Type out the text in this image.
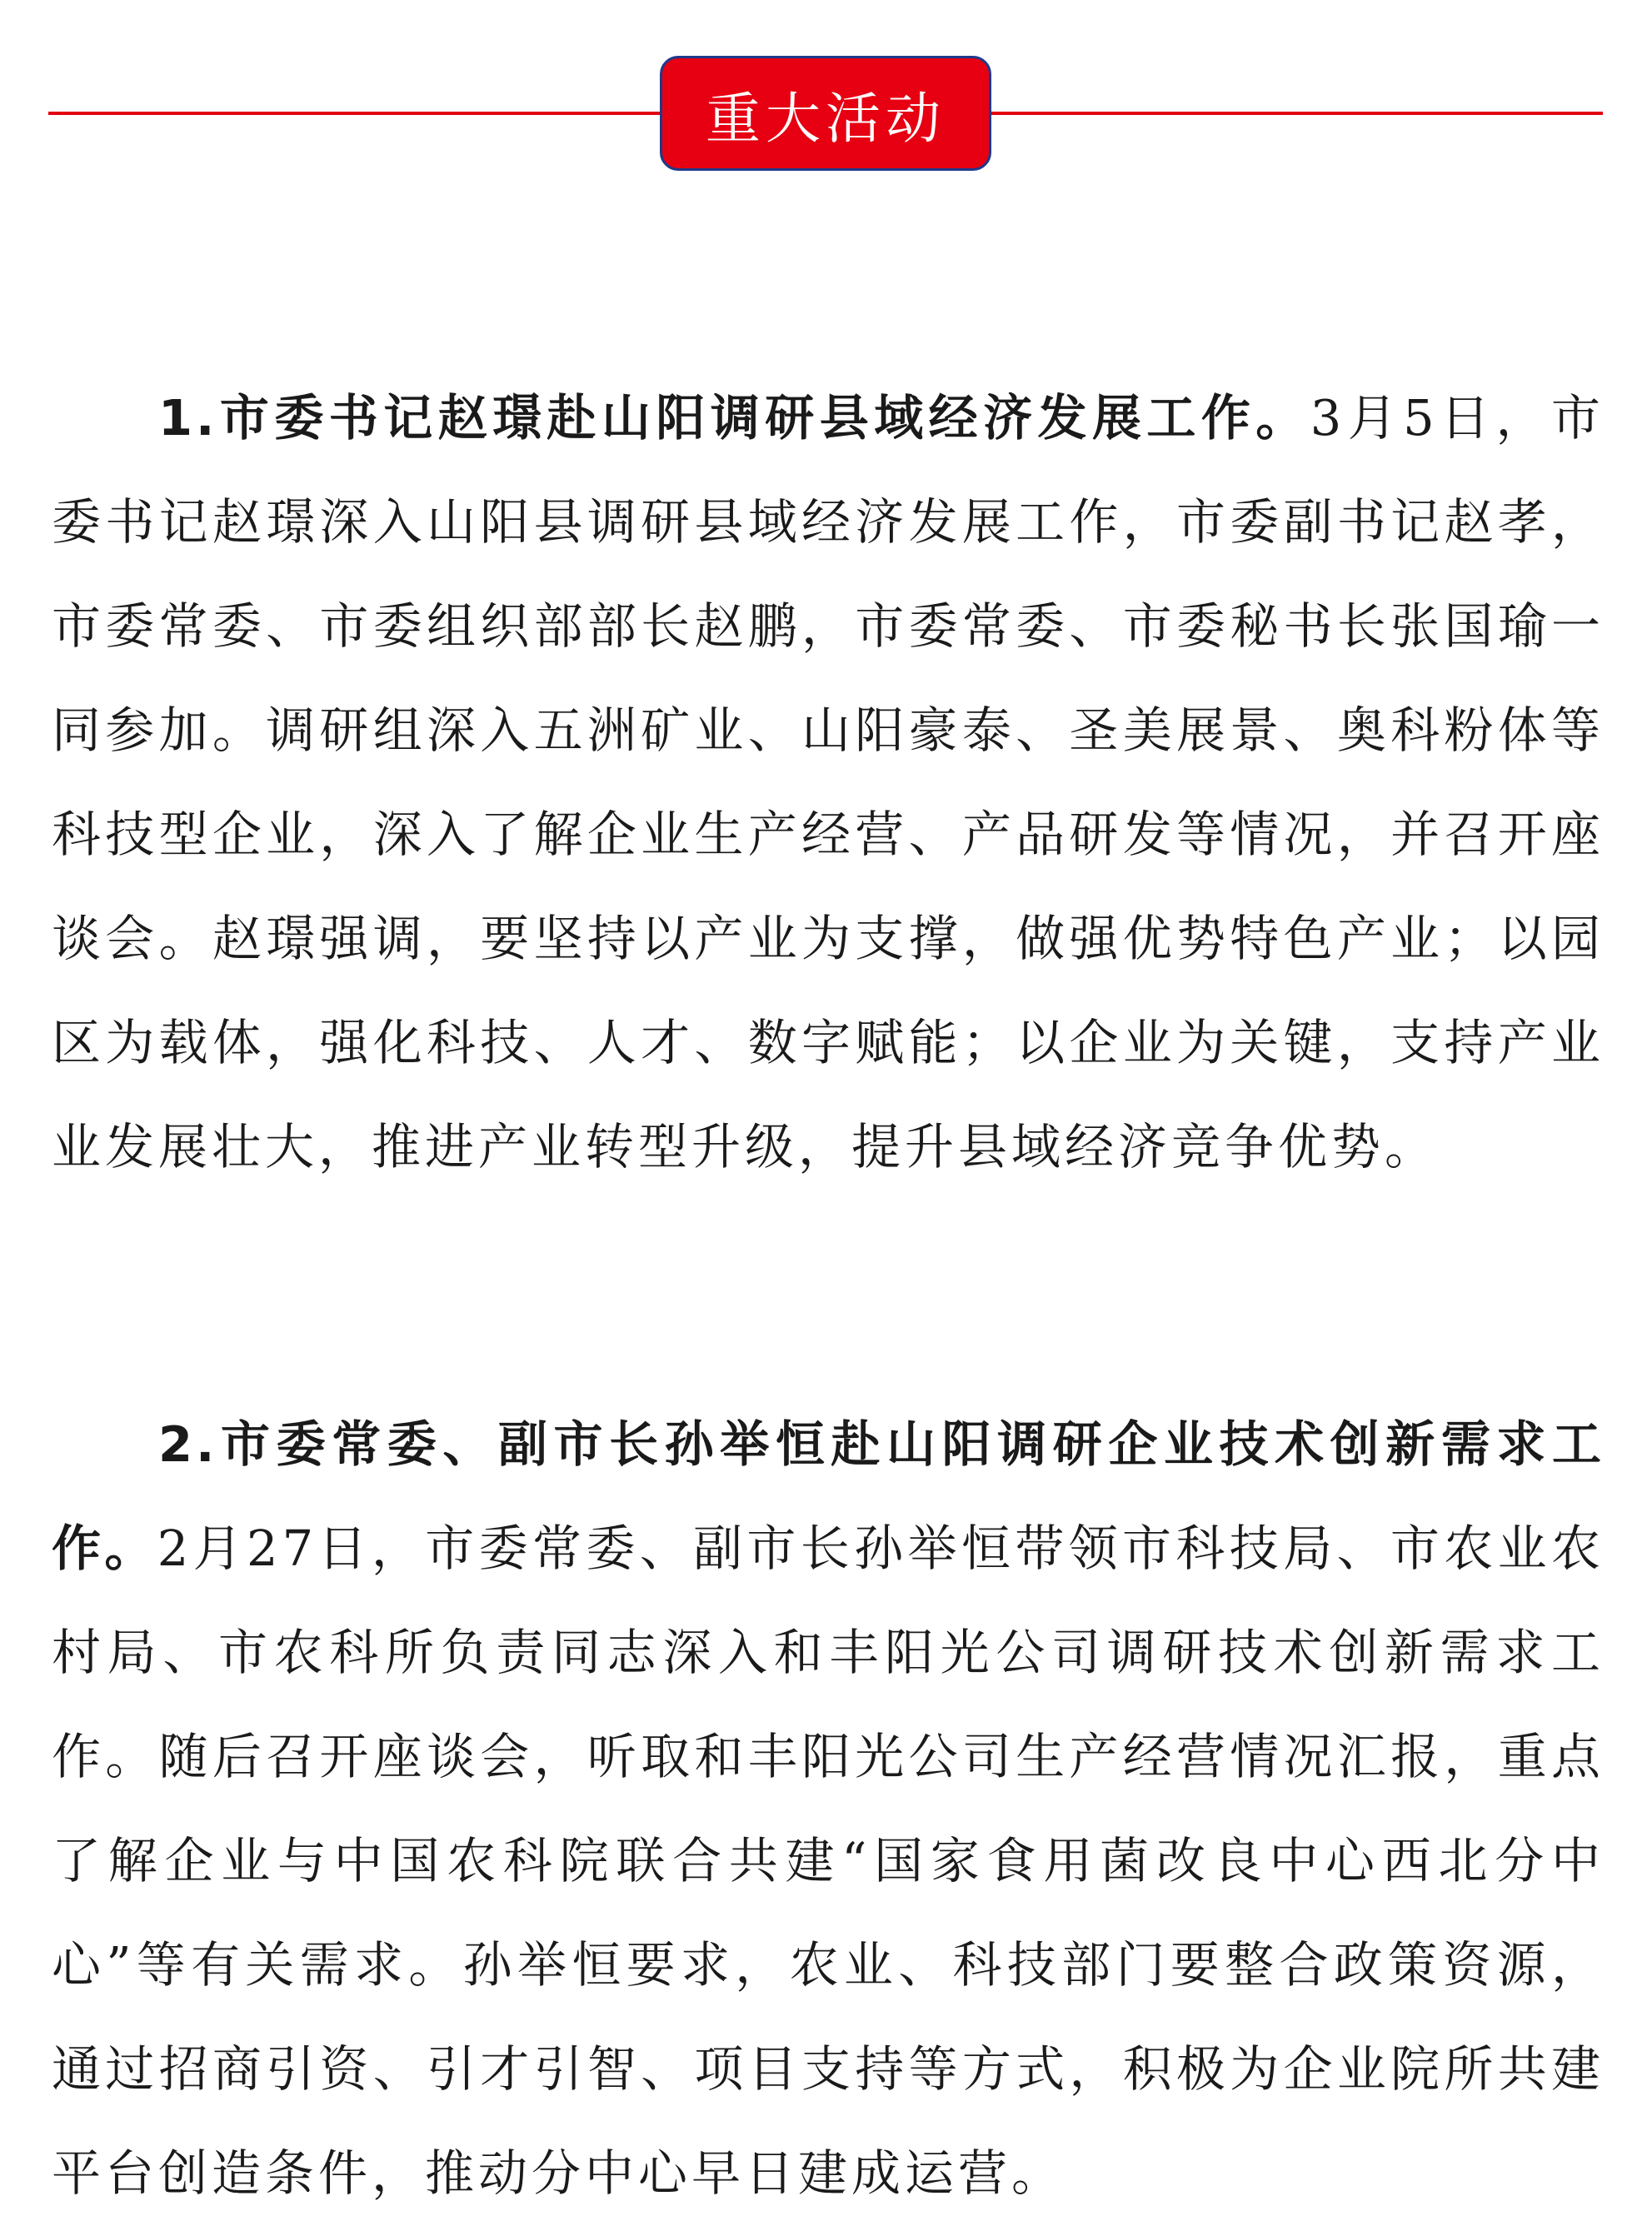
重大活动

1.市委书记赵璟赴山阳调研县域经济发展工作。3月5日，市委书记赵璟深入山阳县调研县域经济发展工作，市委副书记赵孝，市委常委、市委组织部部长赵鹏，市委常委、市委秘书长张国瑜一同参加。调研组深入五洲矿业、山阳豪泰、圣美展景、奥科粉体等科技型企业，深入了解企业生产经营、产品研发等情况，并召开座谈会。赵璟强调，要坚持以产业为支撑，做强优势特色产业；以园区为载体，强化科技、人才、数字赋能；以企业为关键，支持产业业发展壮大，推进产业转型升级，提升县域经济竞争优势。

2.市委常委、副市长孙举恒赴山阳调研企业技术创新需求工作。2月27日，市委常委、副市长孙举恒带领市科技局、市农业农村局、市农科所负责同志深入和丰阳光公司调研技术创新需求工作。随后召开座谈会，听取和丰阳光公司生产经营情况汇报，重点了解企业与中国农科院联合共建“国家食用菌改良中心西北分中心”等有关需求。孙举恒要求，农业、科技部门要整合政策资源，通过招商引资、引才引智、项目支持等方式，积极为企业院所共建平台创造条件，推动分中心早日建成运营。
